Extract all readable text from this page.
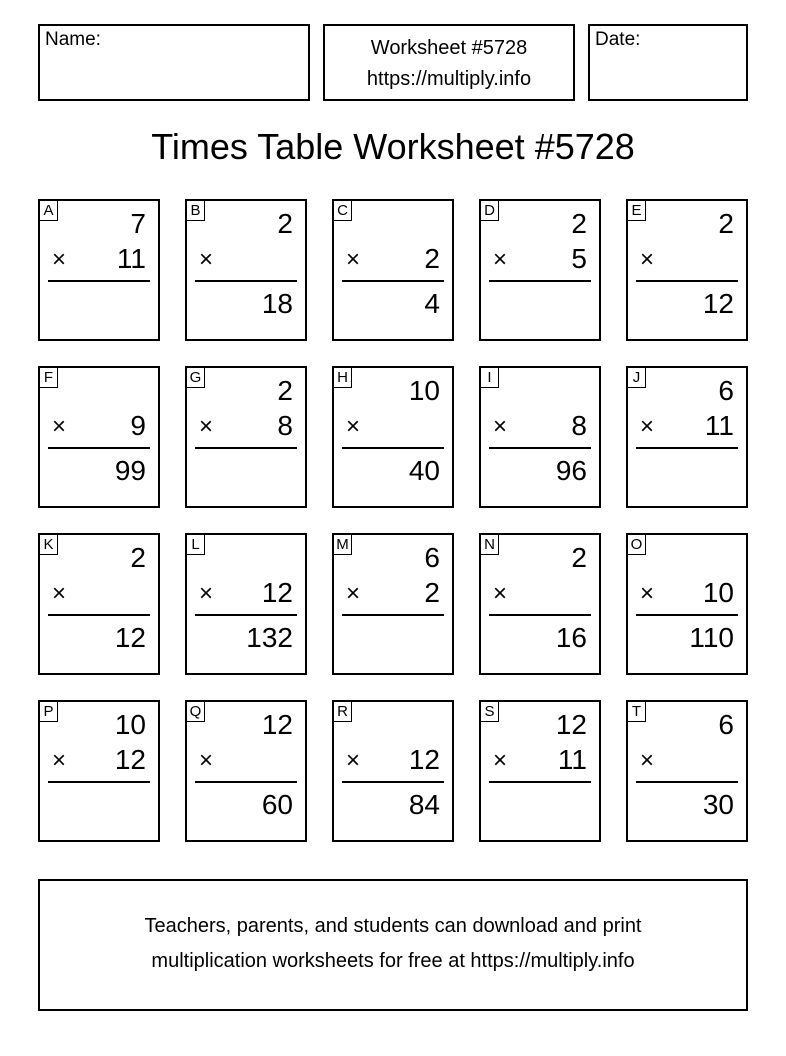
Name:	Worksheet #5728
https://multiply.info
Date:
Times Table Worksheet #5728
A	7
× 11
B	2
×
18
C
× 2
4
D	2
× 5
E	2
×
12
F
× 9
99
G	2
× 8
H 10
×
40
I
× 8
96
J	6
× 11
K	2
×
12
L
× 12
132
M	6
× 2
N	2
×
16
O
× 10
110
P 10
× 12
Q 12
×
60
R
× 12
84
S 12
× 11
T	6
×
30
Teachers, parents, and students can download and print
multiplication worksheets for free at https://multiply.info
